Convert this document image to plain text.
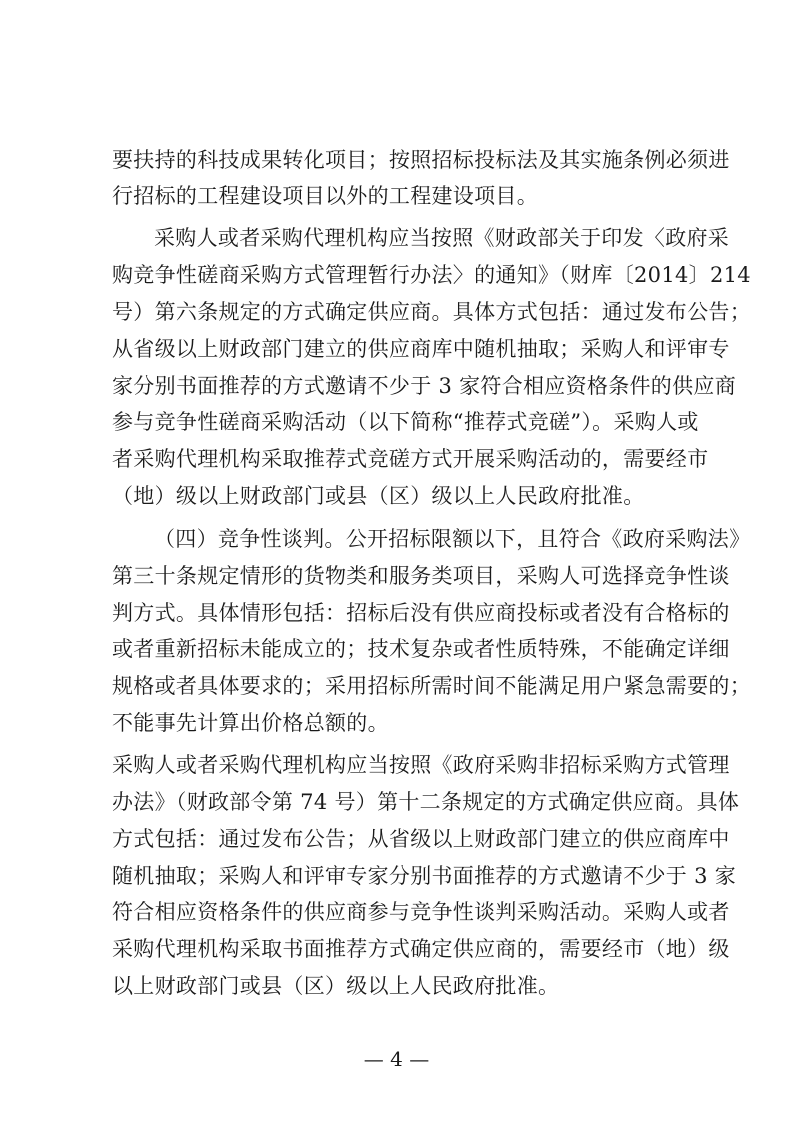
要扶持的科技成果转化项目；按照招标投标法及其实施条例必须进
行招标的工程建设项目以外的工程建设项目。
采购人或者采购代理机构应当按照《财政部关于印发〈政府采
购竞争性磋商采购方式管理暂行办法〉的通知》（财库〔2014〕214
号）第六条规定的方式确定供应商。具体方式包括：通过发布公告；
从省级以上财政部门建立的供应商库中随机抽取；采购人和评审专
家分别书面推荐的方式邀请不少于 3 家符合相应资格条件的供应商
参与竞争性磋商采购活动（以下简称“推荐式竞磋”）。采购人或
者采购代理机构采取推荐式竞磋方式开展采购活动的，需要经市
（地）级以上财政部门或县（区）级以上人民政府批准。
（四）竞争性谈判。公开招标限额以下，且符合《政府采购法》
第三十条规定情形的货物类和服务类项目，采购人可选择竞争性谈
判方式。具体情形包括：招标后没有供应商投标或者没有合格标的
或者重新招标未能成立的；技术复杂或者性质特殊，不能确定详细
规格或者具体要求的；采用招标所需时间不能满足用户紧急需要的；
不能事先计算出价格总额的。
采购人或者采购代理机构应当按照《政府采购非招标采购方式管理
办法》（财政部令第 74 号）第十二条规定的方式确定供应商。具体
方式包括：通过发布公告；从省级以上财政部门建立的供应商库中
随机抽取；采购人和评审专家分别书面推荐的方式邀请不少于 3 家
符合相应资格条件的供应商参与竞争性谈判采购活动。采购人或者
采购代理机构采取书面推荐方式确定供应商的，需要经市（地）级
以上财政部门或县（区）级以上人民政府批准。
— 4 —
